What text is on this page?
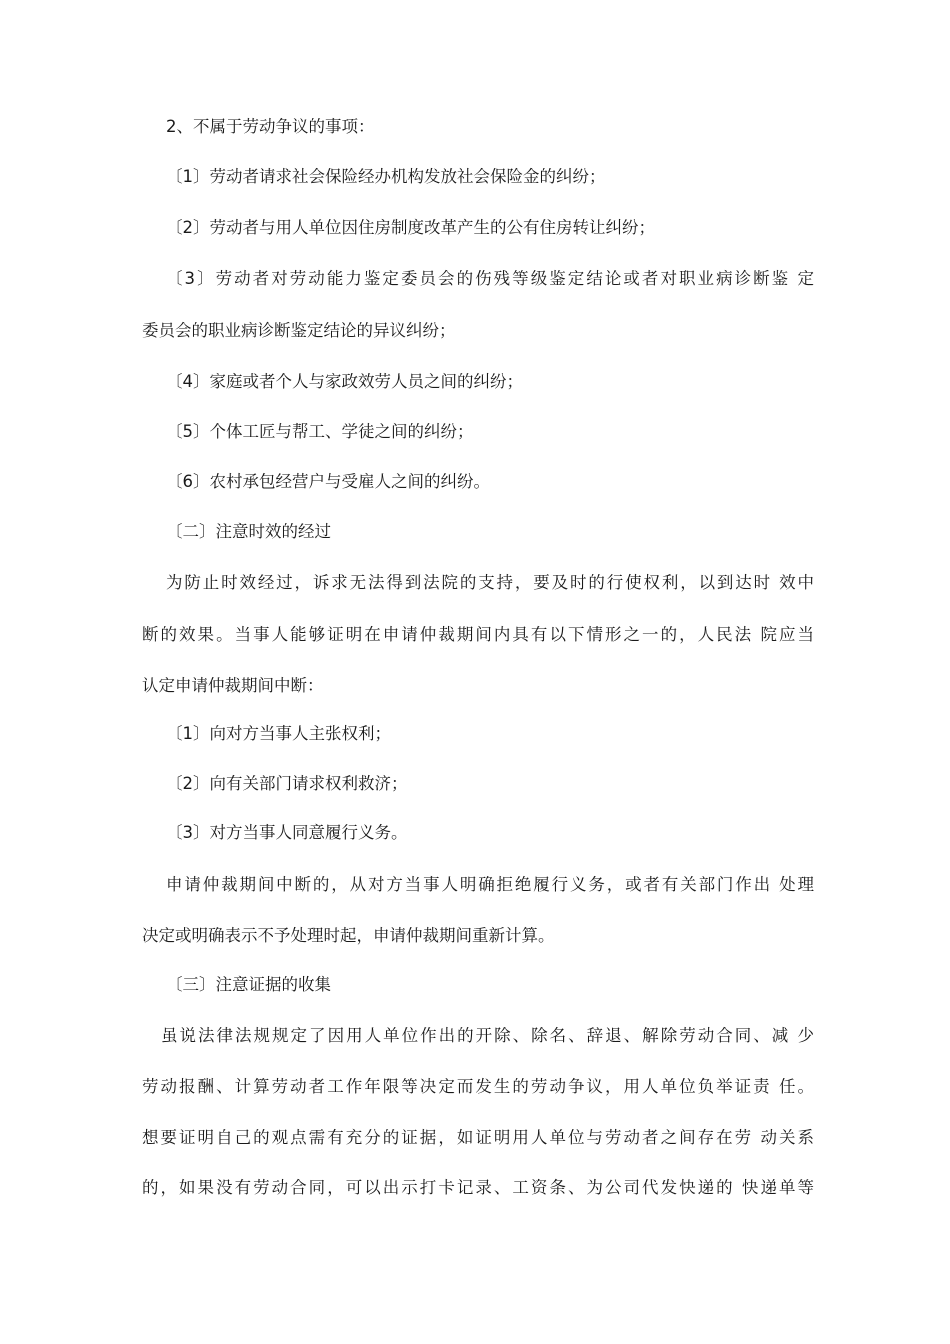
2、不属于劳动争议的事项：
〔1〕劳动者请求社会保险经办机构发放社会保险金的纠纷；
〔2〕劳动者与用人单位因住房制度改革产生的公有住房转让纠纷；
〔3〕劳动者对劳动能力鉴定委员会的伤残等级鉴定结论或者对职业病诊断鉴 定
委员会的职业病诊断鉴定结论的异议纠纷；
〔4〕家庭或者个人与家政效劳人员之间的纠纷；
〔5〕个体工匠与帮工、学徒之间的纠纷；
〔6〕农村承包经营户与受雇人之间的纠纷。
〔二〕注意时效的经过
为防止时效经过，诉求无法得到法院的支持，要及时的行使权利，以到达时 效中
断的效果。当事人能够证明在申请仲裁期间内具有以下情形之一的，人民法 院应当
认定申请仲裁期间中断：
〔1〕向对方当事人主张权利；
〔2〕向有关部门请求权利救济；
〔3〕对方当事人同意履行义务。
申请仲裁期间中断的，从对方当事人明确拒绝履行义务，或者有关部门作出 处理
决定或明确表示不予处理时起，申请仲裁期间重新计算。
〔三〕注意证据的收集
虽说法律法规规定了因用人单位作出的开除、除名、辞退、解除劳动合同、减 少
劳动报酬、计算劳动者工作年限等决定而发生的劳动争议，用人单位负举证责 任。
想要证明自己的观点需有充分的证据，如证明用人单位与劳动者之间存在劳 动关系
的，如果没有劳动合同，可以出示打卡记录、工资条、为公司代发快递的 快递单等
